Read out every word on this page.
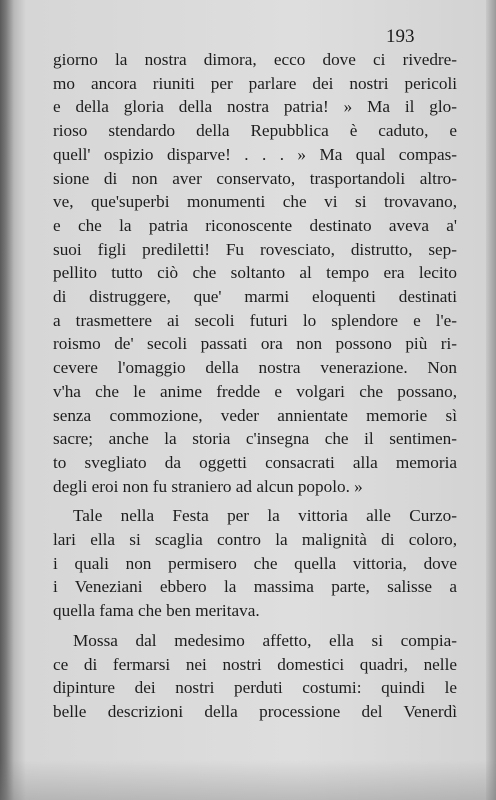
193
giorno la nostra dimora, ecco dove ci rivedre-
mo ancora riuniti per parlare dei nostri pericoli
e della gloria della nostra patria! » Ma il glo-
rioso stendardo della Repubblica è caduto, e
quell' ospizio disparve! . . . » Ma qual compas-
sione di non aver conservato, trasportandoli altro-
ve, que'superbi monumenti che vi si trovavano,
e che la patria riconoscente destinato aveva a'
suoi figli prediletti! Fu rovesciato, distrutto, sep-
pellito tutto ciò che soltanto al tempo era lecito
di distruggere, que' marmi eloquenti destinati
a trasmettere ai secoli futuri lo splendore e l'e-
roismo de' secoli passati ora non possono più ri-
cevere l'omaggio della nostra venerazione. Non
v'ha che le anime fredde e volgari che possano,
senza commozione, veder annientate memorie sì
sacre; anche la storia c'insegna che il sentimen-
to svegliato da oggetti consacrati alla memoria
degli eroi non fu straniero ad alcun popolo. »
Tale nella Festa per la vittoria alle Curzo-
lari ella si scaglia contro la malignità di coloro,
i quali non permisero che quella vittoria, dove
i Veneziani ebbero la massima parte, salisse a
quella fama che ben meritava.
Mossa dal medesimo affetto, ella si compia-
ce di fermarsi nei nostri domestici quadri, nelle
dipinture dei nostri perduti costumi: quindi le
belle descrizioni della processione del Venerdì
